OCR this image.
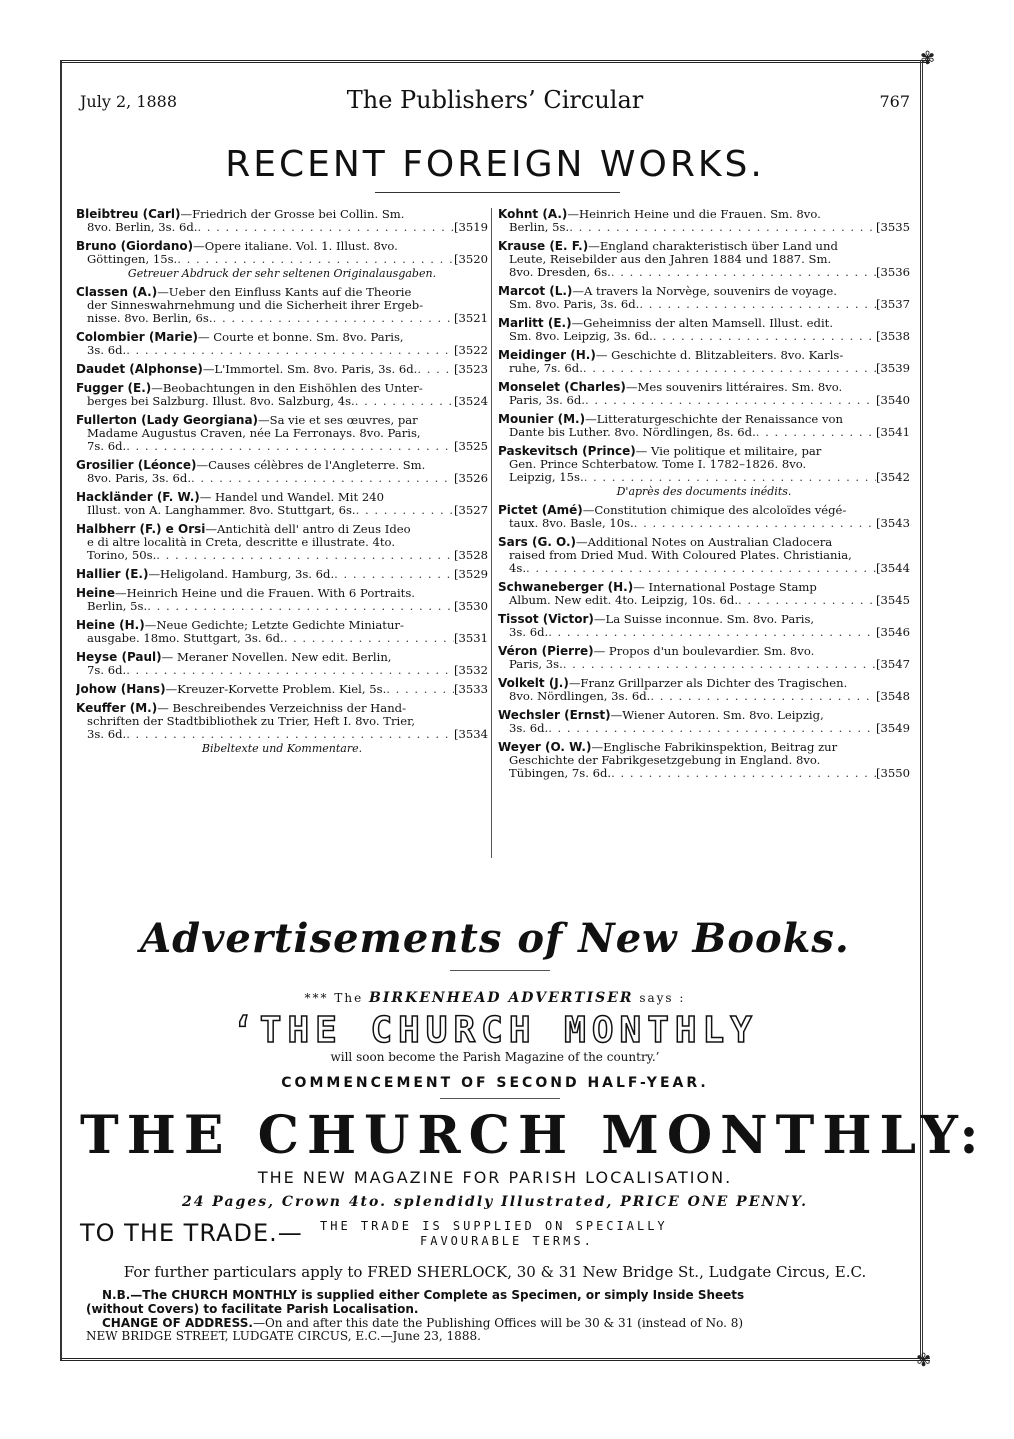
✾
✾
July 2, 1888	The Publishers’ Circular	767
RECENT FOREIGN WORKS.
Bleibtreu (Carl) —Friedrich der Grosse bei Collin. Sm.
8vo. Berlin, 3s. 6d. . . .	[3519
Bruno (Giordano) —Opere italiane. Vol. 1. Illust. 8vo.
Göttingen, 15s. . . .	[3520
Getreuer Abdruck der sehr seltenen Originalausgaben.
Classen (A.) —Ueber den Einfluss Kants auf die Theorie
der Sinneswahrnehmung und die Sicherheit ihrer Ergeb-
nisse. 8vo. Berlin, 6s. . . .	[3521
Colombier (Marie) — Courte et bonne. Sm. 8vo. Paris,
3s. 6d. . . .	[3522
Daudet (Alphonse) —L'Immortel. Sm. 8vo. Paris, 3s. 6d. . . .	[3523
Fugger (E.) —Beobachtungen in den Eishöhlen des Unter-
berges bei Salzburg. Illust. 8vo. Salzburg, 4s. . . .	[3524
Fullerton (Lady Georgiana) —Sa vie et ses œuvres, par
Madame Augustus Craven, née La Ferronays. 8vo. Paris,
7s. 6d. . . .	[3525
Grosilier (Léonce) —Causes célèbres de l'Angleterre. Sm.
8vo. Paris, 3s. 6d. . . .	[3526
Hackländer (F. W.) — Handel und Wandel. Mit 240
Illust. von A. Langhammer. 8vo. Stuttgart, 6s. . . .	[3527
Halbherr (F.) e Orsi —Antichità dell' antro di Zeus Ideo
e di altre località in Creta, descritte e illustrate. 4to.
Torino, 50s. . . .	[3528
Hallier (E.) —Heligoland. Hamburg, 3s. 6d. . . .	[3529
Heine —Heinrich Heine und die Frauen. With 6 Portraits.
Berlin, 5s. . . .	[3530
Heine (H.) —Neue Gedichte; Letzte Gedichte Miniatur-
ausgabe. 18mo. Stuttgart, 3s. 6d. . . .	[3531
Heyse (Paul) — Meraner Novellen. New edit. Berlin,
7s. 6d. . . .	[3532
Johow (Hans) —Kreuzer-Korvette Problem. Kiel, 5s. . . .	[3533
Keuffer (M.) — Beschreibendes Verzeichniss der Hand-
schriften der Stadtbibliothek zu Trier, Heft I. 8vo. Trier,
3s. 6d. . . .	[3534
Bibeltexte und Kommentare.
Kohnt (A.) —Heinrich Heine und die Frauen. Sm. 8vo.
Berlin, 5s. . . .	[3535
Krause (E. F.) —England charakteristisch über Land und
Leute, Reisebilder aus den Jahren 1884 und 1887. Sm.
8vo. Dresden, 6s. . . .	[3536
Marcot (L.) —A travers la Norvège, souvenirs de voyage.
Sm. 8vo. Paris, 3s. 6d. . . .	[3537
Marlitt (E.) —Geheimniss der alten Mamsell. Illust. edit.
Sm. 8vo. Leipzig, 3s. 6d. . . .	[3538
Meidinger (H.) — Geschichte d. Blitzableiters. 8vo. Karls-
ruhe, 7s. 6d. . . .	[3539
Monselet (Charles) —Mes souvenirs littéraires. Sm. 8vo.
Paris, 3s. 6d. . . .	[3540
Mounier (M.) —Litteraturgeschichte der Renaissance von
Dante bis Luther. 8vo. Nördlingen, 8s. 6d. . . .	[3541
Paskevitsch (Prince) — Vie politique et militaire, par
Gen. Prince Schterbatow. Tome I. 1782–1826. 8vo.
Leipzig, 15s. . . .	[3542
D'après des documents inédits.
Pictet (Amé) —Constitution chimique des alcoloïdes végé-
taux. 8vo. Basle, 10s. . . .	[3543
Sars (G. O.) —Additional Notes on Australian Cladocera
raised from Dried Mud. With Coloured Plates. Christiania,
4s. . . .	[3544
Schwaneberger (H.) — International Postage Stamp
Album. New edit. 4to. Leipzig, 10s. 6d. . . .	[3545
Tissot (Victor) —La Suisse inconnue. Sm. 8vo. Paris,
3s. 6d. . . .	[3546
Véron (Pierre) — Propos d'un boulevardier. Sm. 8vo.
Paris, 3s. . . .	[3547
Volkelt (J.) —Franz Grillparzer als Dichter des Tragischen.
8vo. Nördlingen, 3s. 6d. . . .	[3548
Wechsler (Ernst) —Wiener Autoren. Sm. 8vo. Leipzig,
3s. 6d. . . .	[3549
Weyer (O. W.) —Englische Fabrikinspektion, Beitrag zur
Geschichte der Fabrikgesetzgebung in England. 8vo.
Tübingen, 7s. 6d. . . .	[3550
Advertisements of New Books.
*** The BIRKENHEAD ADVERTISER says :
‘THE CHURCH MONTHLY
will soon become the Parish Magazine of the country.’
COMMENCEMENT OF SECOND HALF-YEAR.
THE CHURCH MONTHLY:
THE NEW MAGAZINE FOR PARISH LOCALISATION.
24 Pages, Crown 4to. splendidly Illustrated, PRICE ONE PENNY.
TO THE TRADE.— THE TRADE IS SUPPLIED ON SPECIALLY
FAVOURABLE TERMS.
For further particulars apply to FRED SHERLOCK, 30 & 31 New Bridge St., Ludgate Circus, E.C.
N.B.—The CHURCH MONTHLY is supplied either Complete as Specimen, or simply Inside Sheets
(without Covers) to facilitate Parish Localisation.
CHANGE OF ADDRESS.—On and after this date the Publishing Offices will be 30 & 31 (instead of No. 8)
NEW BRIDGE STREET, LUDGATE CIRCUS, E.C.—June 23, 1888.
